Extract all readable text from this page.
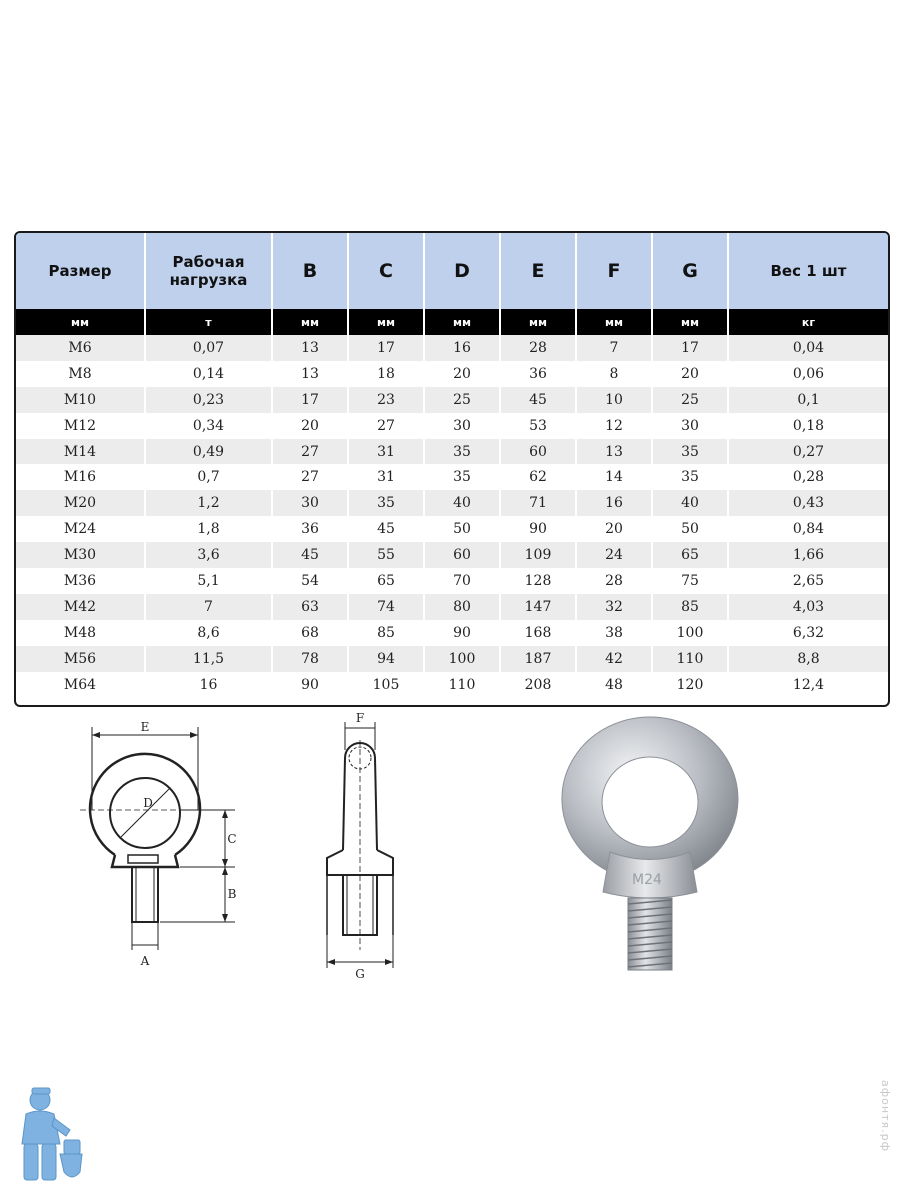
Размер	Рабочая нагрузка	B	C	D	E	F	G	Вес 1 шт
мм	т	мм	мм	мм	мм	мм	мм	кг
M6	0,07	13	17	16	28	7	17	0,04
M8	0,14	13	18	20	36	8	20	0,06
M10	0,23	17	23	25	45	10	25	0,1
M12	0,34	20	27	30	53	12	30	0,18
M14	0,49	27	31	35	60	13	35	0,27
M16	0,7	27	31	35	62	14	35	0,28
M20	1,2	30	35	40	71	16	40	0,43
M24	1,8	36	45	50	90	20	50	0,84
M30	3,6	45	55	60	109	24	65	1,66
M36	5,1	54	65	70	128	28	75	2,65
M42	7	63	74	80	147	32	85	4,03
M48	8,6	68	85	90	168	38	100	6,32
M56	11,5	78	94	100	187	42	110	8,8
M64	16	90	105	110	208	48	120	12,4
E
D
C
B
A
F
G
M24
афонтя.рф
